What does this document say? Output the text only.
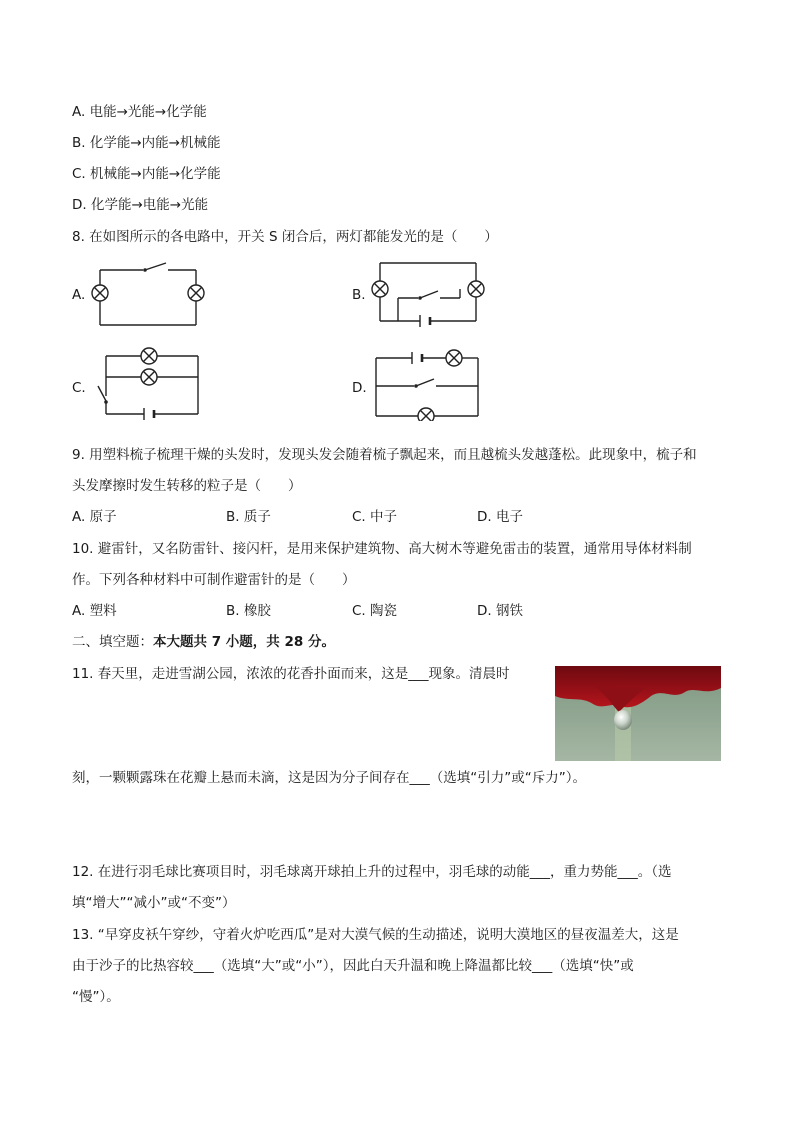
A. 电能→光能→化学能
B. 化学能→内能→机械能
C. 机械能→内能→化学能
D. 化学能→电能→光能
8. 在如图所示的各电路中，开关 S 闭合后，两灯都能发光的是（　　）
A.	B.
C.	D.
9. 用塑料梳子梳理干燥的头发时，发现头发会随着梳子飘起来，而且越梳头发越蓬松。此现象中，梳子和
头发摩擦时发生转移的粒子是（　　）
A. 原子	B. 质子	C. 中子	D. 电子
10. 避雷针，又名防雷针、接闪杆，是用来保护建筑物、高大树木等避免雷击的装置，通常用导体材料制
作。下列各种材料中可制作避雷针的是（　　）
A. 塑料	B. 橡胶	C. 陶瓷	D. 钢铁
二、填空题：本大题共 7 小题，共 28 分。
11. 春天里，走进雪湖公园，浓浓的花香扑面而来，这是___现象。清晨时
刻，一颗颗露珠在花瓣上悬而未滴，这是因为分子间存在___（选填“引力”或“斥力”）。
12. 在进行羽毛球比赛项目时，羽毛球离开球拍上升的过程中，羽毛球的动能___，重力势能___。（选
填“增大”“减小”或“不变”）
13. “早穿皮袄午穿纱，守着火炉吃西瓜”是对大漠气候的生动描述，说明大漠地区的昼夜温差大，这是
由于沙子的比热容较___（选填“大”或“小”），因此白天升温和晚上降温都比较___（选填“快”或
“慢”）。
